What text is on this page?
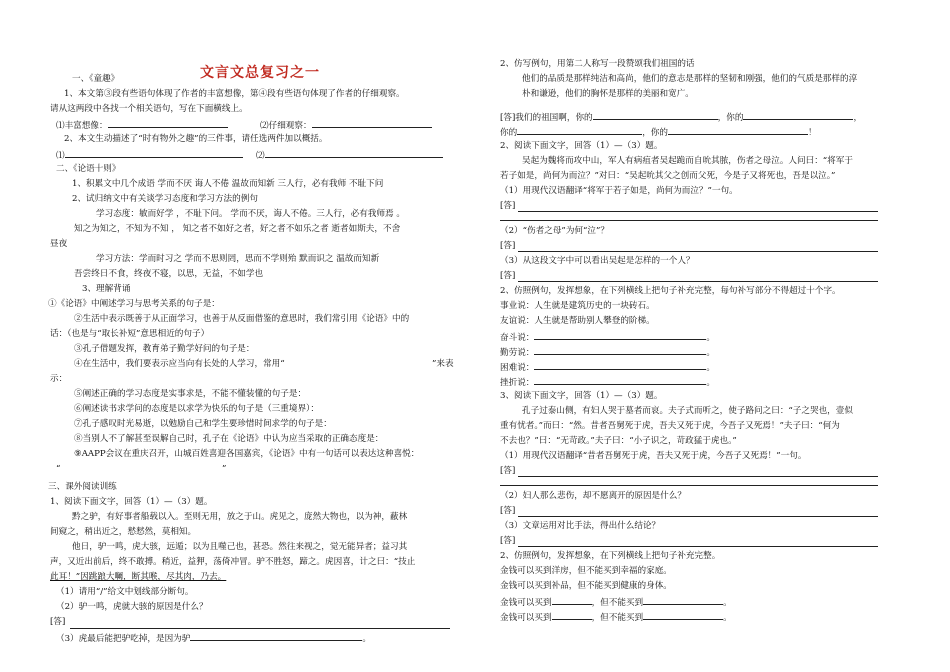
文言文总复习之一
一、《童趣》
1、本文第③段有些语句体现了作者的丰富想像，第④段有些语句体现了作者的仔细观察。
请从这两段中各找一个相关语句，写在下面横线上。
⑴丰富想像：	⑵仔细观察：
2、本文生动描述了“时有物外之趣”的三件事，请任选两件加以概括。
⑴	⑵
二、《论语十则》
1、积累文中几个成语 学而不厌 诲人不倦 温故而知新 三人行，必有我师 不耻下问
2、试归纳文中有关谈学习态度和学习方法的例句
学习态度：敏而好学 ，不耻下问。 学而不厌，诲人不倦。三人行，必有我师焉 。
知之为知之，不知为不知 ， 知之者不如好之者，好之者不如乐之者 逝者如斯夫，不舍
昼夜
学习方法：学而时习之 学而不思则罔，思而不学则殆 默而识之 温故而知新
吾尝终日不食，终夜不寝，以思，无益，不如学也
3、理解背诵
①《论语》中阐述学习与思考关系的句子是：
②生活中表示既善于从正面学习，也善于从反面借鉴的意思时，我们常引用《论语》中的
话：（也是与“取长补短”意思相近的句子）
③孔子借题发挥，教育弟子勤学好问的句子是：
④在生活中，我们要表示应当向有长处的人学习，常用“	”来表
示：
⑤阐述正确的学习态度是实事求是，不能不懂装懂的句子是：
⑥阐述读书求学问的态度是以求学为快乐的句子是（三重境界）：
⑦孔子感叹时光易逝，以勉励自己和学生要珍惜时间求学的句子是：
⑧当别人不了解甚至误解自己时，孔子在《论语》中认为应当采取的正确态度是：
⑨AAPP会议在重庆召开，山城百姓喜迎各国嘉宾，《论语》中有一句话可以表达这种喜悦：
“	”
三、课外阅读训练
1、阅读下面文字，回答（1）—（3）题。
黔之驴，有好事者船载以入。至则无用，放之于山。虎见之，庞然大物也，以为神，蔽林
间窥之，稍出近之，慭慭然，莫相知。
他日，驴一鸣，虎大骇，远遁；以为且噬己也，甚恐。然往来视之，觉无能异者；益习其
声，又近出前后，终不敢搏。稍近，益狎，荡倚冲冒。驴不胜怒，蹄之。虎因喜，计之曰：“技止
此耳！”因跳踉大㘎，断其喉，尽其肉，乃去。
（1）请用“/”给文中划线部分断句。
（2）驴一鸣，虎就大骇的原因是什么？
[答]
（3）虎最后能把驴吃掉，是因为驴	。
2、仿写例句，用第二人称写一段赞颂我们祖国的话
他们的品质是那样纯洁和高尚，他们的意志是那样的坚韧和刚强，他们的气质是那样的淳
朴和谦逊，他们的胸怀是那样的美丽和宽广。
[答]我们的祖国啊，你的	，你的	，
你的	，你的	！
2、阅读下面文字，回答（1）—（3）题。
吴起为魏将而攻中山，军人有病疽者吴起跪而自吮其脓，伤者之母泣。人问曰：“将军于
若子如是，尚何为而泣？”对曰：“吴起吮其父之创而父死，今是子又将死也，吾是以泣。”
（1）用现代汉语翻译“将军于若子如是，尚何为而泣？”一句。
[答]
（2）“伤者之母”为何“泣”？
[答]
（3）从这段文字中可以看出吴起是怎样的一个人？
[答]
2、仿照例句，发挥想象，在下列横线上把句子补充完整，每句补写部分不得超过十个字。
事业说：人生就是建筑历史的一块砖石。
友谊说：人生就是帮助别人攀登的阶梯。
奋斗说：	。
勤劳说：	。
困难说：	。
挫折说：	。
3、阅读下面文字，回答（1）—（3）题。
孔子过泰山侧，有妇人哭于墓者而哀。夫子式而听之，使子路问之曰：“子之哭也，壹似
重有忧者。”而曰：“然。昔者吾舅死于虎，吾夫又死于虎，今吾子又死焉！”夫子曰：“何为
不去也？”曰：“无苛政。”夫子曰：“小子识之，苛政猛于虎也。”
（1）用现代汉语翻译“昔者吾舅死于虎，吾夫又死于虎，今吾子又死焉！”一句。
[答]
（2）妇人那么悲伤，却不愿离开的原因是什么？
[答]
（3）文章运用对比手法，得出什么结论？
[答]
2、仿照例句，发挥想象，在下列横线上把句子补充完整。
金钱可以买到洋房，但不能买到幸福的家庭。
金钱可以买到补品，但不能买到健康的身体。
金钱可以买到	，但不能买到	。
金钱可以买到	，但不能买到	。
